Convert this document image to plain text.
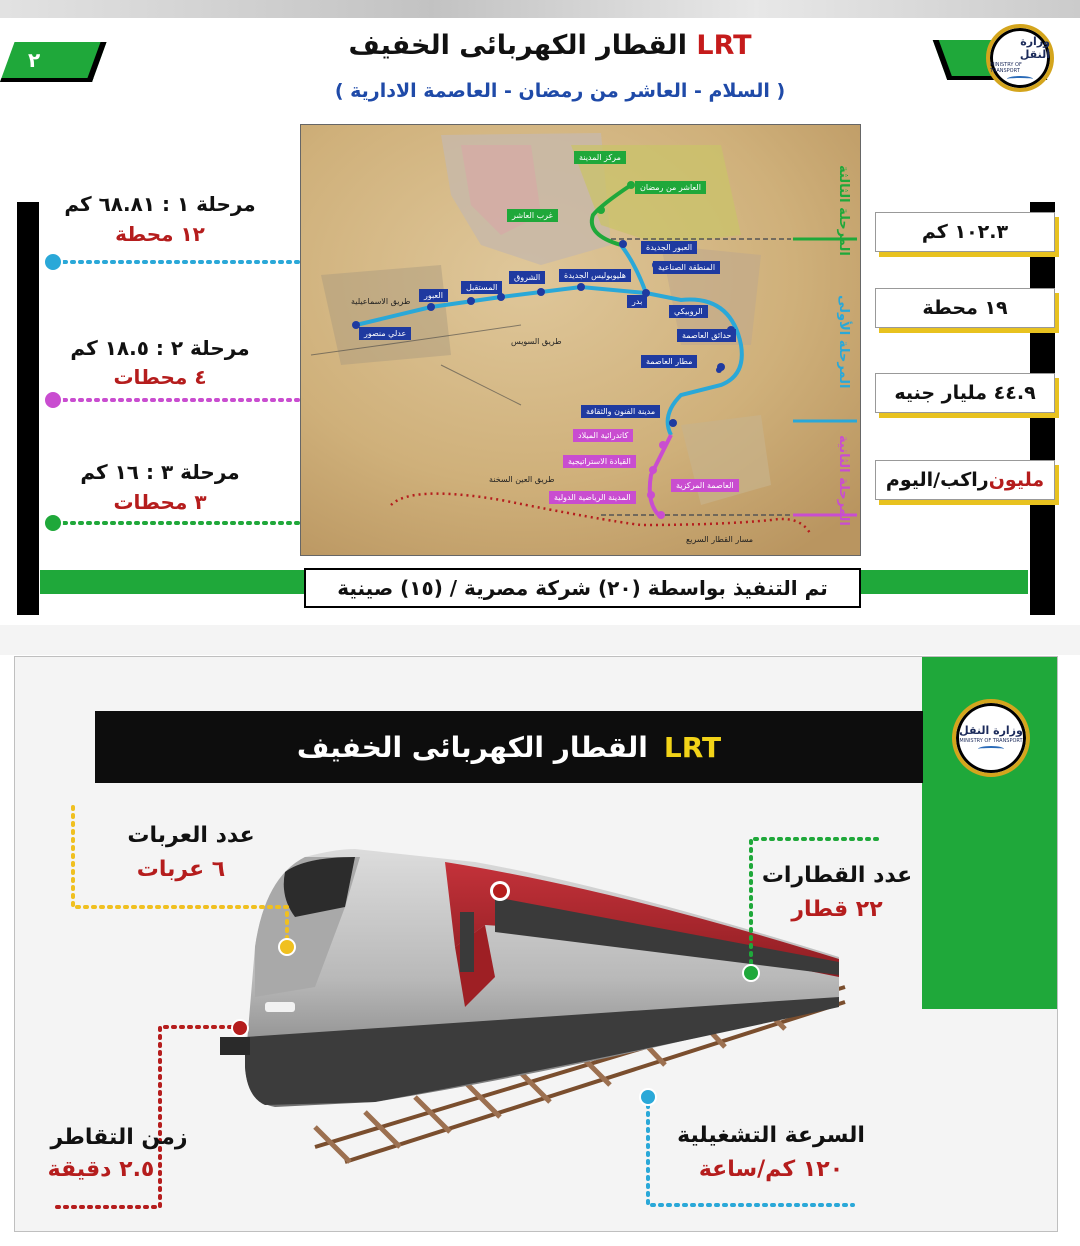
٢
وزارة النقل
MINISTRY OF TRANSPORT
القطار الكهربائى الخفيف LRT
( السلام - العاشر من رمضان - العاصمة الادارية )
مركز المدينة
العاشر من رمضان
غرب العاشر
العبور الجديدة
المنطقة الصناعية
هليوبوليس الجديدة
الشروق
المستقبل
العبور
عدلي منصور
بدر
الروبيكي
حدائق العاصمة
مطار العاصمة
مدينة الفنون والثقافة
كاتدرائية الميلاد
القيادة الاستراتيجية
المدينة الرياضية الدولية
العاصمة المركزية
طريق الاسماعيلية
طريق السويس
طريق العين السخنة
مسار القطار السريع
المرحلة الثالثة
المرحلة الأولى
المرحلة الثانية
مرحلة ١ : ٦٨.٨١ كم
١٢ محطة
مرحلة ٢ : ١٨.٥ كم
٤ محطات
مرحلة ٣ : ١٦ كم
٣ محطات
١٠٢.٣ كم
١٩ محطة
٤٤.٩ مليار جنيه
مليون
راكب/اليوم
تم التنفيذ بواسطة (٢٠) شركة مصرية / (١٥) صينية
القطار الكهربائى الخفيف LRT	وزارة النقل
MINISTRY OF TRANSPORT
عدد العربات
٦ عربات	عدد القطارات
٢٢ قطار
زمن التقاطر
٢.٥ دقيقة
السرعة التشغيلية
١٢٠ كم/ساعة
